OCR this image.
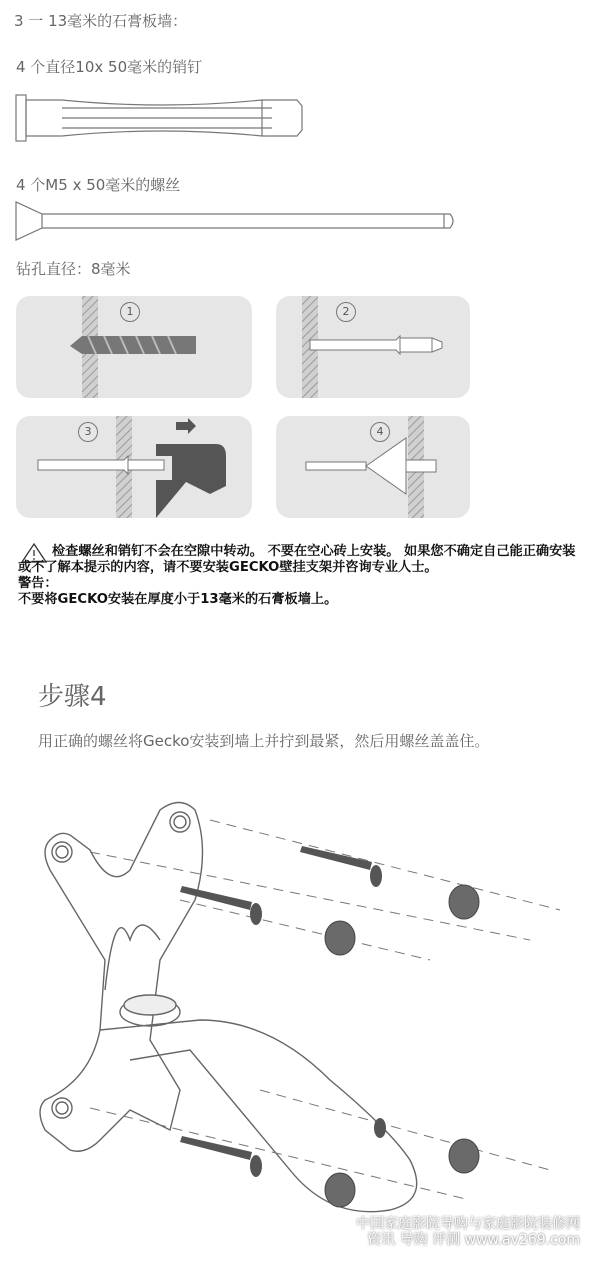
3 一 13毫米的石膏板墙：
4 个直径10x 50毫米的销钉
4 个M5 x 50毫米的螺丝
钻孔直径：8毫米
1	2
3	4

检查螺丝和销钉不会在空隙中转动。 不要在空心砖上安装。 如果您不确定自己能正确安装或不了解本提示的内容，请不要安装GECKO壁挂支架并咨询专业人士。

警告：

不要将GECKO安装在厚度小于13毫米的石膏板墙上。

步骤4
用正确的螺丝将Gecko安装到墙上并拧到最紧，然后用螺丝盖盖住。
中国家庭影院导购与家庭影院装修网
资讯 导购 评测 www.av269.com
